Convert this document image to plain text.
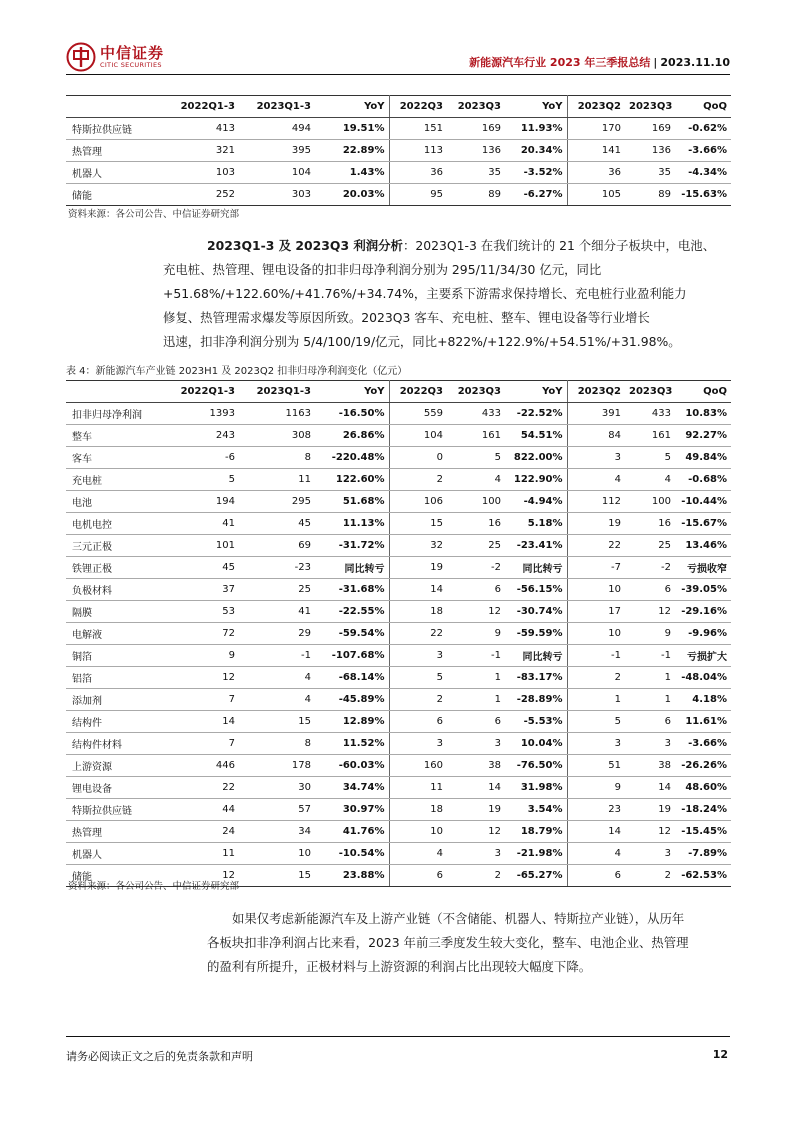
中信证券
CITIC SECURITIES	新能源汽车行业 2023 年三季报总结 | 2023.11.10
	2022Q1-3	2023Q1-3	YoY	2022Q3	2023Q3	YoY	2023Q2	2023Q3	QoQ
特斯拉供应链	413	494	19.51%	151	169	11.93%	170	169	-0.62%
热管理	321	395	22.89%	113	136	20.34%	141	136	-3.66%
机器人	103	104	1.43%	36	35	-3.52%	36	35	-4.34%
储能	252	303	20.03%	95	89	-6.27%	105	89	-15.63%
资料来源：各公司公告、中信证券研究部
2023Q1-3 及 2023Q3 利润分析：2023Q1-3 在我们统计的 21 个细分子板块中，电池、
充电桩、热管理、锂电设备的扣非归母净利润分别为 295/11/34/30 亿元，同比
+51.68%/+122.60%/+41.76%/+34.74%，主要系下游需求保持增长、充电桩行业盈利能力
修复、热管理需求爆发等原因所致。2023Q3 客车、充电桩、整车、锂电设备等行业增长
迅速，扣非净利润分别为 5/4/100/19/亿元，同比+822%/+122.9%/+54.51%/+31.98%。
表 4：新能源汽车产业链 2023H1 及 2023Q2 扣非归母净利润变化（亿元）
	2022Q1-3	2023Q1-3	YoY	2022Q3	2023Q3	YoY	2023Q2	2023Q3	QoQ
扣非归母净利润	1393	1163	-16.50%	559	433	-22.52%	391	433	10.83%
整车	243	308	26.86%	104	161	54.51%	84	161	92.27%
客车	-6	8	-220.48%	0	5	822.00%	3	5	49.84%
充电桩	5	11	122.60%	2	4	122.90%	4	4	-0.68%
电池	194	295	51.68%	106	100	-4.94%	112	100	-10.44%
电机电控	41	45	11.13%	15	16	5.18%	19	16	-15.67%
三元正极	101	69	-31.72%	32	25	-23.41%	22	25	13.46%
铁锂正极	45	-23	同比转亏	19	-2	同比转亏	-7	-2	亏损收窄
负极材料	37	25	-31.68%	14	6	-56.15%	10	6	-39.05%
隔膜	53	41	-22.55%	18	12	-30.74%	17	12	-29.16%
电解液	72	29	-59.54%	22	9	-59.59%	10	9	-9.96%
铜箔	9	-1	-107.68%	3	-1	同比转亏	-1	-1	亏损扩大
铝箔	12	4	-68.14%	5	1	-83.17%	2	1	-48.04%
添加剂	7	4	-45.89%	2	1	-28.89%	1	1	4.18%
结构件	14	15	12.89%	6	6	-5.53%	5	6	11.61%
结构件材料	7	8	11.52%	3	3	10.04%	3	3	-3.66%
上游资源	446	178	-60.03%	160	38	-76.50%	51	38	-26.26%
锂电设备	22	30	34.74%	11	14	31.98%	9	14	48.60%
特斯拉供应链	44	57	30.97%	18	19	3.54%	23	19	-18.24%
热管理	24	34	41.76%	10	12	18.79%	14	12	-15.45%
机器人	11	10	-10.54%	4	3	-21.98%	4	3	-7.89%
储能	12	15	23.88%	6	2	-65.27%	6	2	-62.53%
资料来源：各公司公告、中信证券研究部
如果仅考虑新能源汽车及上游产业链（不含储能、机器人、特斯拉产业链），从历年
各板块扣非净利润占比来看，2023 年前三季度发生较大变化，整车、电池企业、热管理
的盈利有所提升，正极材料与上游资源的利润占比出现较大幅度下降。
请务必阅读正文之后的免责条款和声明	12
